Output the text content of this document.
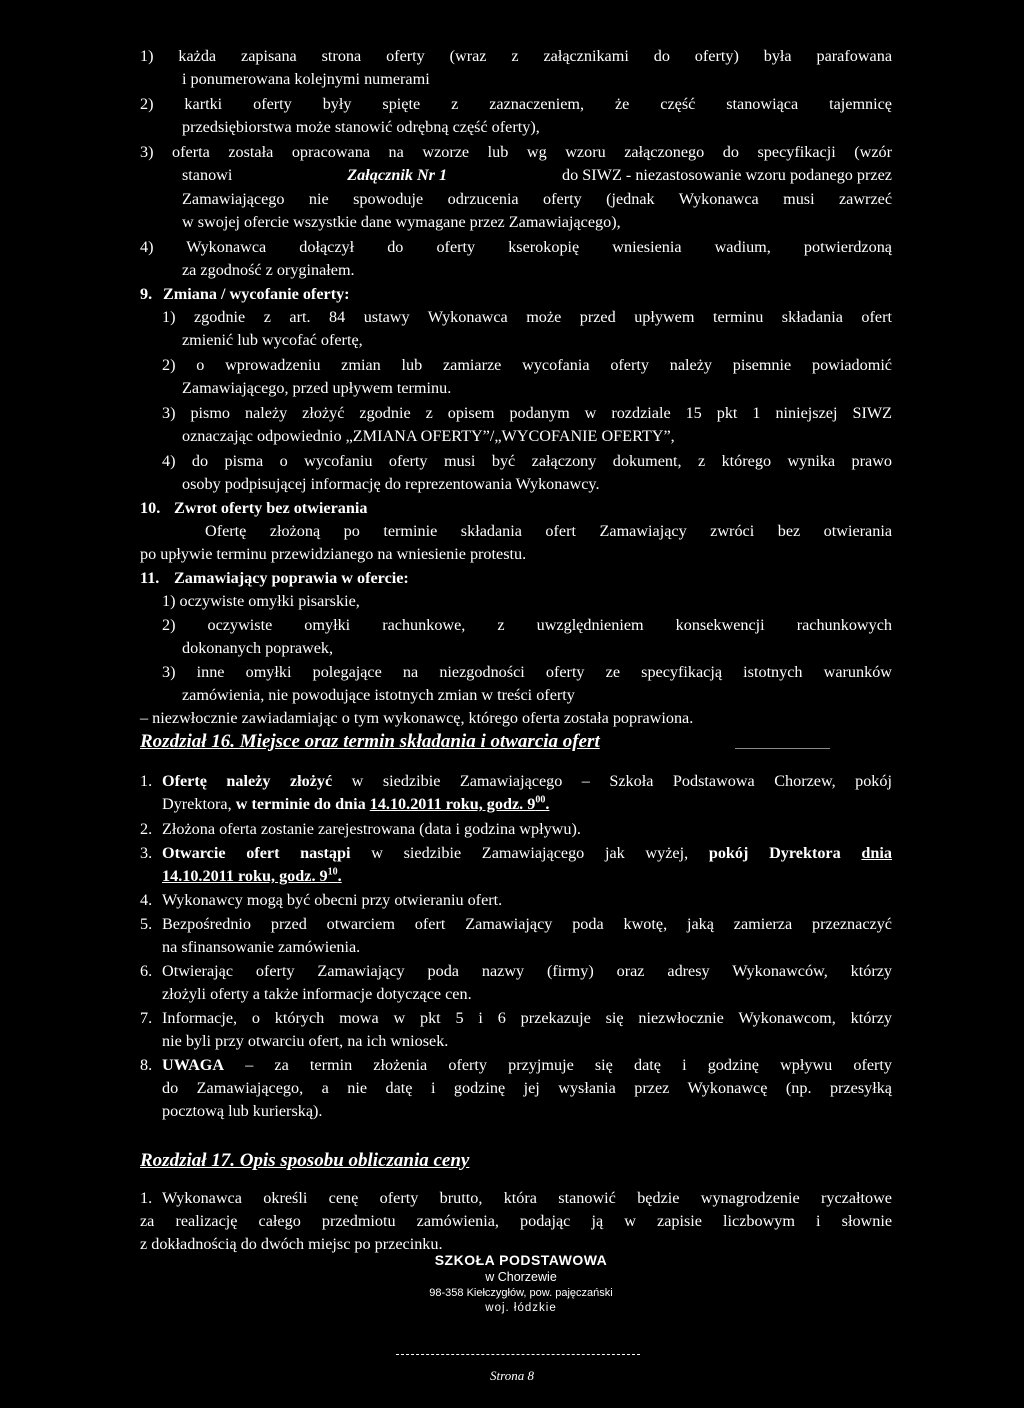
1) każda zapisana strona oferty (wraz z załącznikami do oferty) była parafowana
i ponumerowana kolejnymi numerami
2) kartki oferty były spięte z zaznaczeniem, że część stanowiąca tajemnicę
przedsiębiorstwa może stanowić odrębną część oferty),
3) oferta została opracowana na wzorze lub wg wzoru załączonego do specyfikacji (wzór
stanowi	Załącznik Nr 1	do SIWZ - niezastosowanie wzoru podanego przez
Zamawiającego nie spowoduje odrzucenia oferty (jednak Wykonawca musi zawrzeć
w swojej ofercie wszystkie dane wymagane przez Zamawiającego),
4) Wykonawca dołączył do oferty kserokopię wniesienia wadium, potwierdzoną
za zgodność z oryginałem.
9. Zmiana / wycofanie oferty:
1) zgodnie z art. 84 ustawy Wykonawca może przed upływem terminu składania ofert
zmienić lub wycofać ofertę,
2) o wprowadzeniu zmian lub zamiarze wycofania oferty należy pisemnie powiadomić
Zamawiającego, przed upływem terminu.
3) pismo należy złożyć zgodnie z opisem podanym w rozdziale 15 pkt 1 niniejszej SIWZ
oznaczając odpowiednio „ZMIANA OFERTY”/„WYCOFANIE OFERTY”,
4) do pisma o wycofaniu oferty musi być załączony dokument, z którego wynika prawo
osoby podpisującej informację do reprezentowania Wykonawcy.
10. Zwrot oferty bez otwierania
Ofertę złożoną po terminie składania ofert Zamawiający zwróci bez otwierania
po upływie terminu przewidzianego na wniesienie protestu.
11. Zamawiający poprawia w ofercie:
1) oczywiste omyłki pisarskie,
2) oczywiste omyłki rachunkowe, z uwzględnieniem konsekwencji rachunkowych
dokonanych poprawek,
3) inne omyłki polegające na niezgodności oferty ze specyfikacją istotnych warunków
zamówienia, nie powodujące istotnych zmian w treści oferty
– niezwłocznie zawiadamiając o tym wykonawcę, którego oferta została poprawiona.
Rozdział 16. Miejsce oraz termin składania i otwarcia ofert
1. Ofertę należy złożyć w siedzibie Zamawiającego – Szkoła Podstawowa Chorzew, pokój
Dyrektora, w terminie do dnia 14.10.2011 roku, godz. $9^{00}$.
2. Złożona oferta zostanie zarejestrowana (data i godzina wpływu).
3. Otwarcie ofert nastąpi w siedzibie Zamawiającego jak wyżej, pokój Dyrektora dnia
14.10.2011 roku, godz. $9^{10}$.
4. Wykonawcy mogą być obecni przy otwieraniu ofert.
5. Bezpośrednio przed otwarciem ofert Zamawiający poda kwotę, jaką zamierza przeznaczyć
na sfinansowanie zamówienia.
6. Otwierając oferty Zamawiający poda nazwy (firmy) oraz adresy Wykonawców, którzy
złożyli oferty a także informacje dotyczące cen.
7. Informacje, o których mowa w pkt 5 i 6 przekazuje się niezwłocznie Wykonawcom, którzy
nie byli przy otwarciu ofert, na ich wniosek.
8. UWAGA – za termin złożenia oferty przyjmuje się datę i godzinę wpływu oferty
do Zamawiającego, a nie datę i godzinę jej wysłania przez Wykonawcę (np. przesyłką
pocztową lub kurierską).
Rozdział 17. Opis sposobu obliczania ceny
1. Wykonawca określi cenę oferty brutto, która stanowić będzie wynagrodzenie ryczałtowe
za realizację całego przedmiotu zamówienia, podając ją w zapisie liczbowym i słownie
z dokładnością do dwóch miejsc po przecinku.
SZKOŁA PODSTAWOWA
w Chorzewie
98-358 Kiełczygłów, pow. pajęczański
woj. łódzkie
Strona 8
